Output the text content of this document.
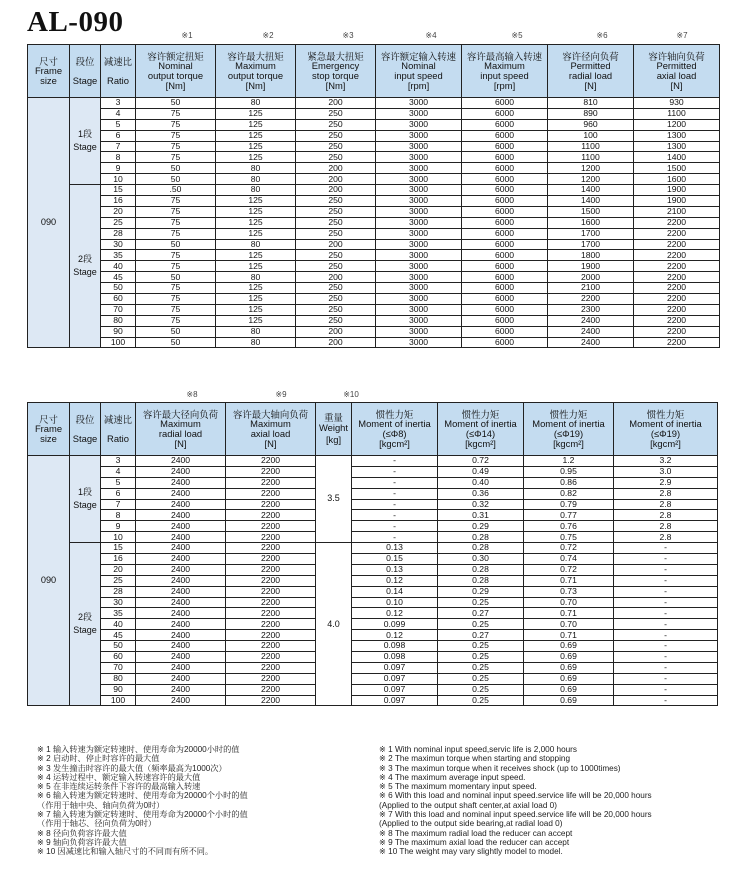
AL-090	※1	※2	※3	※4	※5	※6	※7
尺寸
Frame
size	段位

Stage	减速比

Ratio	容许额定扭矩
Nominal
output torque
[Nm]	容许最大扭矩
Maximum
output torque
[Nm]	紧急最大扭矩
Emergency
stop torque
[Nm]	容许额定输入转速
Nominal
input speed
[rpm]	容许最高输入转速
Maximum
input speed
[rpm]	容许径向负荷
Permitted
radial load
[N]	容许轴向负荷
Permitted
axial load
[N]

090	1段
Stage	3	50	80	200	3000	6000	810	930
		4	75	125	250	3000	6000	890	1100
		5	75	125	250	3000	6000	960	1200
		6	75	125	250	3000	6000	100	1300
		7	75	125	250	3000	6000	1100	1300
		8	75	125	250	3000	6000	1100	1400
		9	50	80	200	3000	6000	1200	1500
		10	50	80	200	3000	6000	1200	1600
	2段
Stage	15	.50	80	200	3000	6000	1400	1900
		16	75	125	250	3000	6000	1400	1900
		20	75	125	250	3000	6000	1500	2100
		25	75	125	250	3000	6000	1600	2200
		28	75	125	250	3000	6000	1700	2200
		30	50	80	200	3000	6000	1700	2200
		35	75	125	250	3000	6000	1800	2200
		40	75	125	250	3000	6000	1900	2200
		45	50	80	200	3000	6000	2000	2200
		50	75	125	250	3000	6000	2100	2200
		60	75	125	250	3000	6000	2200	2200
		70	75	125	250	3000	6000	2300	2200
		80	75	125	250	3000	6000	2400	2200
		90	50	80	200	3000	6000	2400	2200
		100	50	80	200	3000	6000	2400	2200
※8	※9	※10
尺寸
Frame
size	段位

Stage	减速比

Ratio	容许最大径向负荷
Maximum
radial load
[N]	容许最大轴向负荷
Maximum
axial load
[N]	重量
Weight
[kg]	惯性力矩
Moment of inertia
(≤Φ8)
[kgcm²]	惯性力矩
Moment of inertia
(≤Φ14)
[kgcm²]	惯性力矩
Moment of inertia
(≤Φ19)
[kgcm²]	惯性力矩
Moment of inertia
(≤Φ19)
[kgcm²]

090	1段
Stage	3	2400	2200	3.5	-	0.72	1.2	3.2
		4	2400	2200		-	0.49	0.95	3.0
		5	2400	2200		-	0.40	0.86	2.9
		6	2400	2200		-	0.36	0.82	2.8
		7	2400	2200		-	0.32	0.79	2.8
		8	2400	2200		-	0.31	0.77	2.8
		9	2400	2200		-	0.29	0.76	2.8
		10	2400	2200		-	0.28	0.75	2.8
	2段
Stage	15	2400	2200	4.0	0.13	0.28	0.72	-
		16	2400	2200		0.15	0.30	0.74	-
		20	2400	2200		0.13	0.28	0.72	-
		25	2400	2200		0.12	0.28	0.71	-
		28	2400	2200		0.14	0.29	0.73	-
		30	2400	2200		0.10	0.25	0.70	-
		35	2400	2200		0.12	0.27	0.71	-
		40	2400	2200		0.099	0.25	0.70	-
		45	2400	2200		0.12	0.27	0.71	-
		50	2400	2200		0.098	0.25	0.69	-
		60	2400	2200		0.098	0.25	0.69	-
		70	2400	2200		0.097	0.25	0.69	-
		80	2400	2200		0.097	0.25	0.69	-
		90	2400	2200		0.097	0.25	0.69	-
		100	2400	2200		0.097	0.25	0.69	-
※ 1 输入转速为额定转速时、使用寿命为20000小时的值
※ 2 启动时、停止时容许的最大值
※ 3 发生撞击时容许的最大值（频率最高为1000次）
※ 4 运转过程中、额定输入转速容许的最大值
※ 5 在非连续运转条件下容许的最高输入转速
※ 6 输入转速为额定转速时、使用寿命为20000个小时的值
（作用于轴中央、轴向负荷为0时）
※ 7 输入转速为额定转速时、使用寿命为20000个小时的值
（作用于轴芯、径向负荷为0时）
※ 8 径向负荷容许最大值
※ 9 轴向负荷容许最大值
※ 10 因减速比和输入轴尺寸的不同而有所不同。
※ 1 With nominal input speed,servic life is 2,000 hours
※ 2 The maximun torque when starting and stopping
※ 3 The maximun torque when it receives shock (up to 1000times)
※ 4 The maximum average input speed.
※ 5 The maximum momentary input speed.
※ 6 With this load and nominal input speed.service life will be 20,000 hours
(Applied to the output shaft center,at axial load 0)
※ 7 With this load and nominal input speed.service life will be 20,000 hours
(Applied to the output side bearing,at radial load 0)
※ 8 The maximum radial load the reducer can accept
※ 9 The maximum axial load the reducer can accept
※ 10 The weight may vary slightly model to model.
